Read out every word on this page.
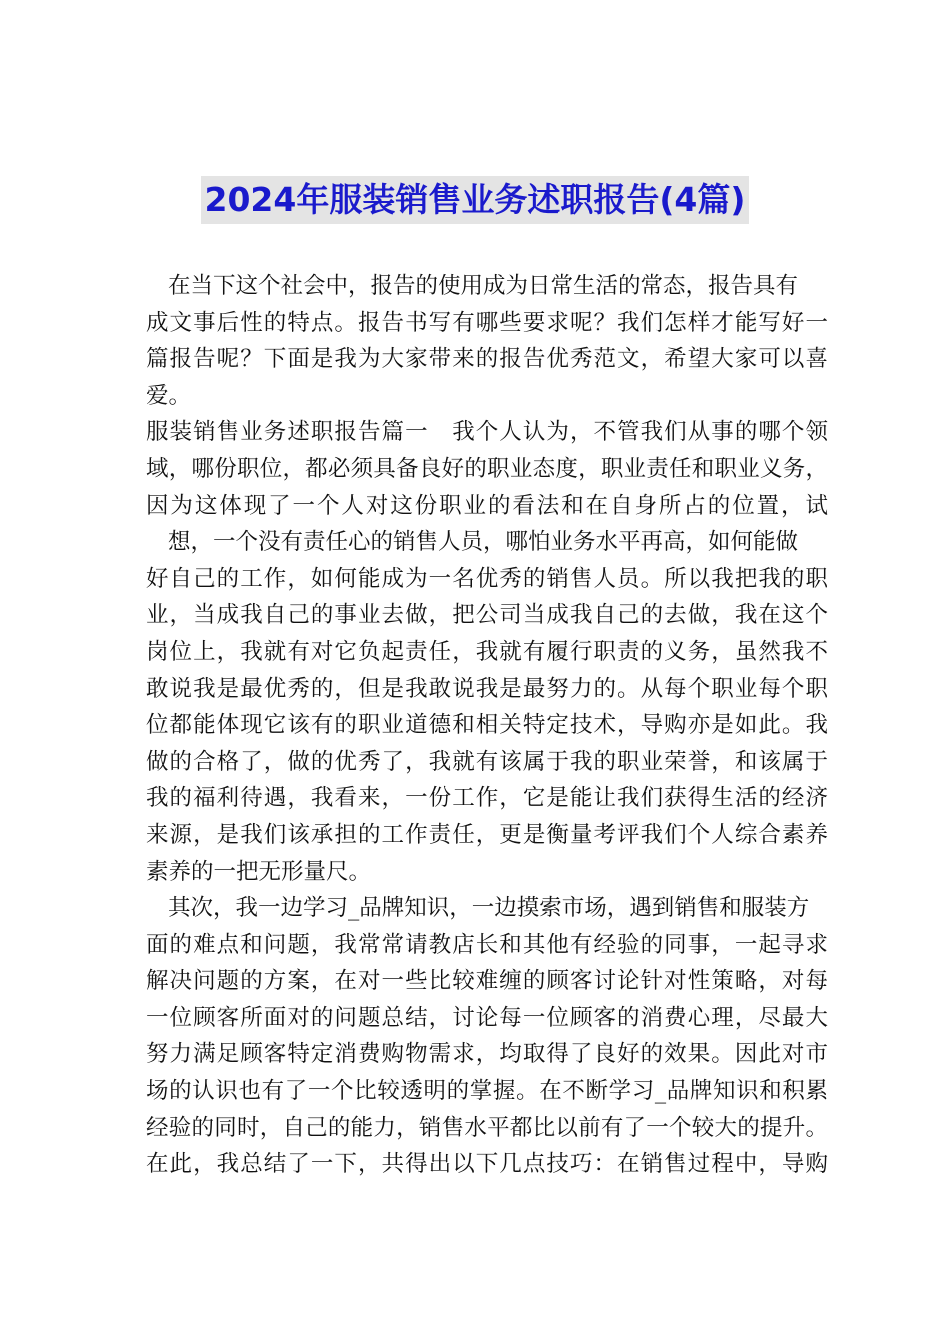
2024年服装销售业务述职报告(4篇)
在当下这个社会中，报告的使用成为日常生活的常态，报告具有
成文事后性的特点。报告书写有哪些要求呢？我们怎样才能写好一
篇报告呢？下面是我为大家带来的报告优秀范文，希望大家可以喜
爱。
服装销售业务述职报告篇一　我个人认为，不管我们从事的哪个领
域，哪份职位，都必须具备良好的职业态度，职业责任和职业义务，
因为这体现了一个人对这份职业的看法和在自身所占的位置，试
想，一个没有责任心的销售人员，哪怕业务水平再高，如何能做
好自己的工作，如何能成为一名优秀的销售人员。所以我把我的职
业，当成我自己的事业去做，把公司当成我自己的去做，我在这个
岗位上，我就有对它负起责任，我就有履行职责的义务，虽然我不
敢说我是最优秀的，但是我敢说我是最努力的。从每个职业每个职
位都能体现它该有的职业道德和相关特定技术，导购亦是如此。我
做的合格了，做的优秀了，我就有该属于我的职业荣誉，和该属于
我的福利待遇，我看来，一份工作，它是能让我们获得生活的经济
来源，是我们该承担的工作责任，更是衡量考评我们个人综合素养
素养的一把无形量尺。
其次，我一边学习_品牌知识，一边摸索市场，遇到销售和服装方
面的难点和问题，我常常请教店长和其他有经验的同事，一起寻求
解决问题的方案，在对一些比较难缠的顾客讨论针对性策略，对每
一位顾客所面对的问题总结，讨论每一位顾客的消费心理，尽最大
努力满足顾客特定消费购物需求，均取得了良好的效果。因此对市
场的认识也有了一个比较透明的掌握。在不断学习_品牌知识和积累
经验的同时，自己的能力，销售水平都比以前有了一个较大的提升。
在此，我总结了一下，共得出以下几点技巧：在销售过程中，导购
